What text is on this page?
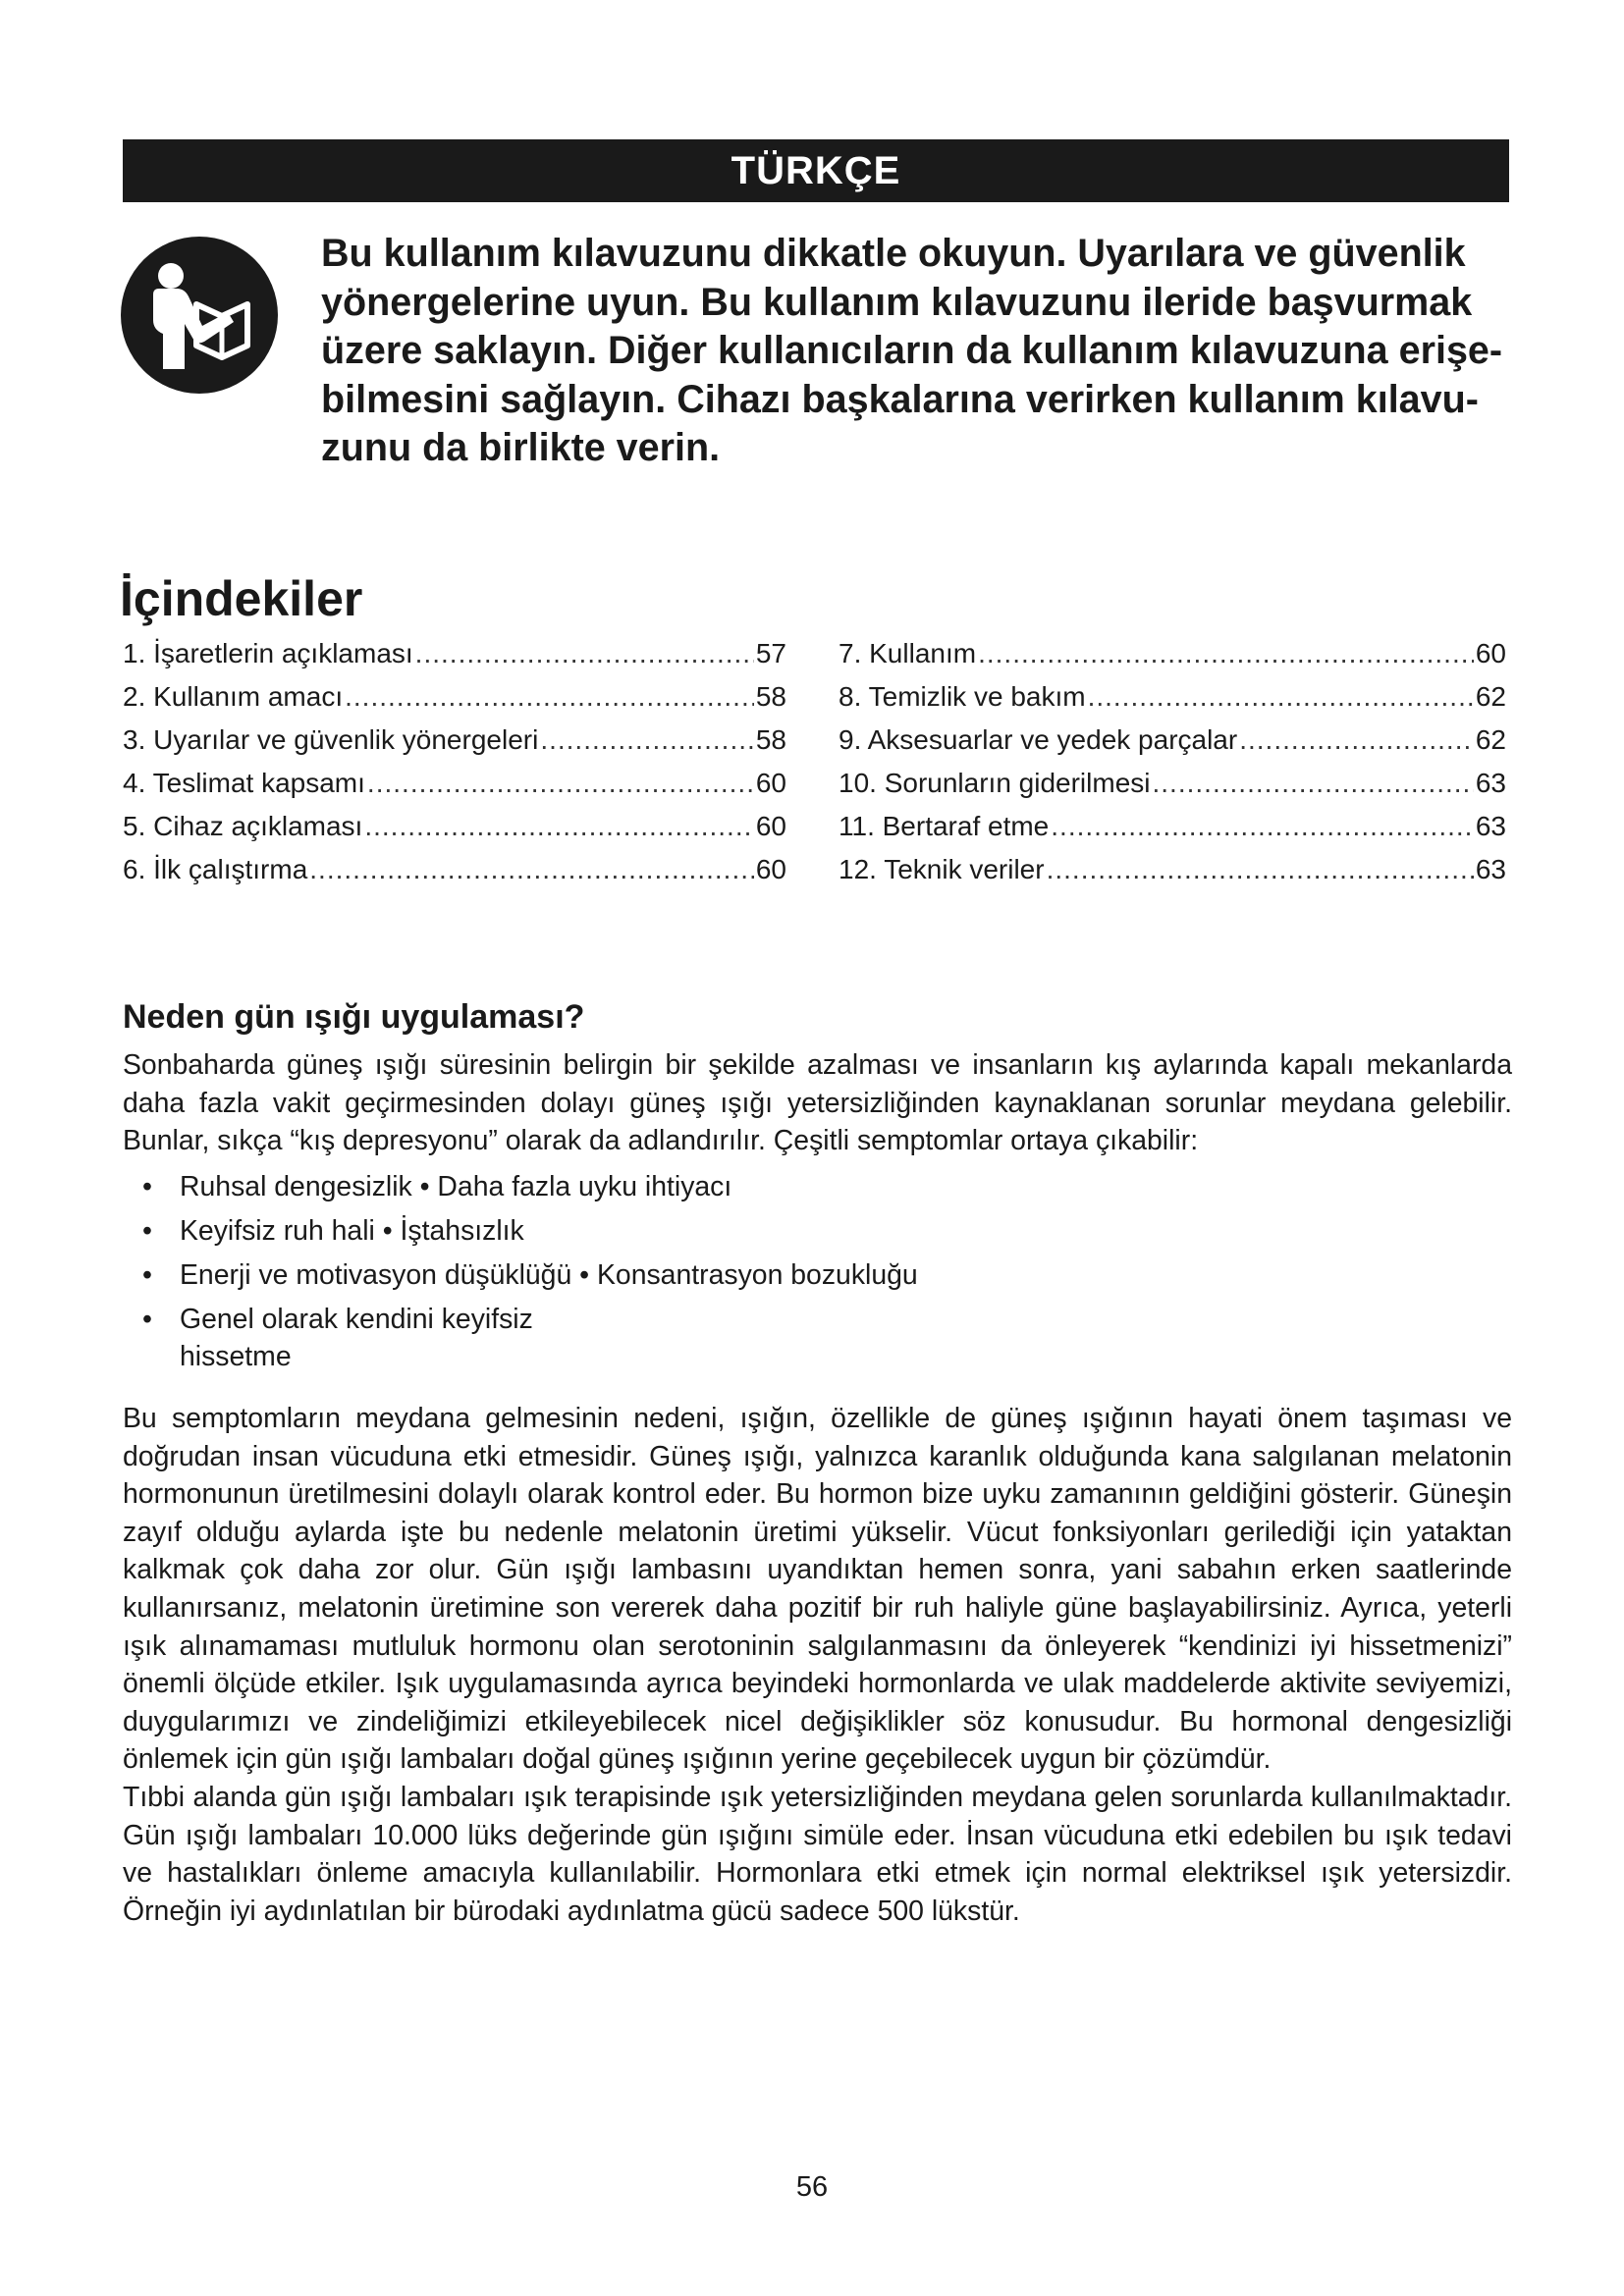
TÜRKÇE
Bu kullanım kılavuzunu dikkatle okuyun. Uyarılara ve güvenlik
yönergelerine uyun. Bu kullanım kılavuzunu ileride başvurmak
üzere saklayın. Diğer kullanıcıların da kullanım kılavuzuna erişe-
bilmesini sağlayın. Cihazı başkalarına verirken kullanım kılavu-
zunu da birlikte verin.
İçindekiler
1. İşaretlerin açıklaması .....	57
2. Kullanım amacı .....	58
3. Uyarılar ve güvenlik yönergeleri .....	58
4. Teslimat kapsamı .....	60
5. Cihaz açıklaması .....	60
6. İlk çalıştırma .....	60
7. Kullanım .....	60
8. Temizlik ve bakım .....	62
9. Aksesuarlar ve yedek parçalar .....	62
10. Sorunların giderilmesi .....	63
11. Bertaraf etme .....	63
12. Teknik veriler .....	63
Neden gün ışığı uygulaması?

Sonbaharda güneş ışığı süresinin belirgin bir şekilde azalması ve insanların kış aylarında kapalı mekanlarda daha fazla vakit geçirmesinden dolayı güneş ışığı yetersizliğinden kaynaklanan sorunlar meydana gelebilir. Bunlar, sıkça “kış depresyonu” olarak da adlandırılır. Çeşitli semptomlar ortaya çıkabilir:

• Ruhsal dengesizlik • Daha fazla uyku ihtiyacı
• Keyifsiz ruh hali • İştahsızlık
• Enerji ve motivasyon düşüklüğü • Konsantrasyon bozukluğu
• Genel olarak kendini keyifsiz hissetme

Bu semptomların meydana gelmesinin nedeni, ışığın, özellikle de güneş ışığının hayati önem taşıması ve doğrudan insan vücuduna etki etmesidir. Güneş ışığı, yalnızca karanlık olduğunda kana salgılanan melatonin hormonunun üretilmesini dolaylı olarak kontrol eder. Bu hormon bize uyku zamanının geldiğini gösterir. Güneşin zayıf olduğu aylarda işte bu nedenle melatonin üretimi yükselir. Vücut fonksiyonları gerilediği için yataktan kalkmak çok daha zor olur. Gün ışığı lambasını uyandıktan hemen sonra, yani sabahın erken saatlerinde kullanırsanız, melatonin üretimine son vererek daha pozitif bir ruh haliyle güne başlayabilirsiniz. Ayrıca, yeterli ışık alınamaması mutluluk hormonu olan serotoninin salgılanmasını da önleyerek “kendinizi iyi hissetmenizi” önemli ölçüde etkiler. Işık uygulamasında ayrıca beyindeki hormonlarda ve ulak maddelerde aktivite seviyemizi, duygularımızı ve zindeliğimizi etkileyebilecek nicel değişiklikler söz konusudur. Bu hormonal dengesizliği önlemek için gün ışığı lambaları doğal güneş ışığının yerine geçebilecek uygun bir çözümdür.

Tıbbi alanda gün ışığı lambaları ışık terapisinde ışık yetersizliğinden meydana gelen sorunlarda kullanılmaktadır. Gün ışığı lambaları 10.000 lüks değerinde gün ışığını simüle eder. İnsan vücuduna etki edebilen bu ışık tedavi ve hastalıkları önleme amacıyla kullanılabilir. Hormonlara etki etmek için normal elektriksel ışık yetersizdir. Örneğin iyi aydınlatılan bir bürodaki aydınlatma gücü sadece 500 lükstür.

56
